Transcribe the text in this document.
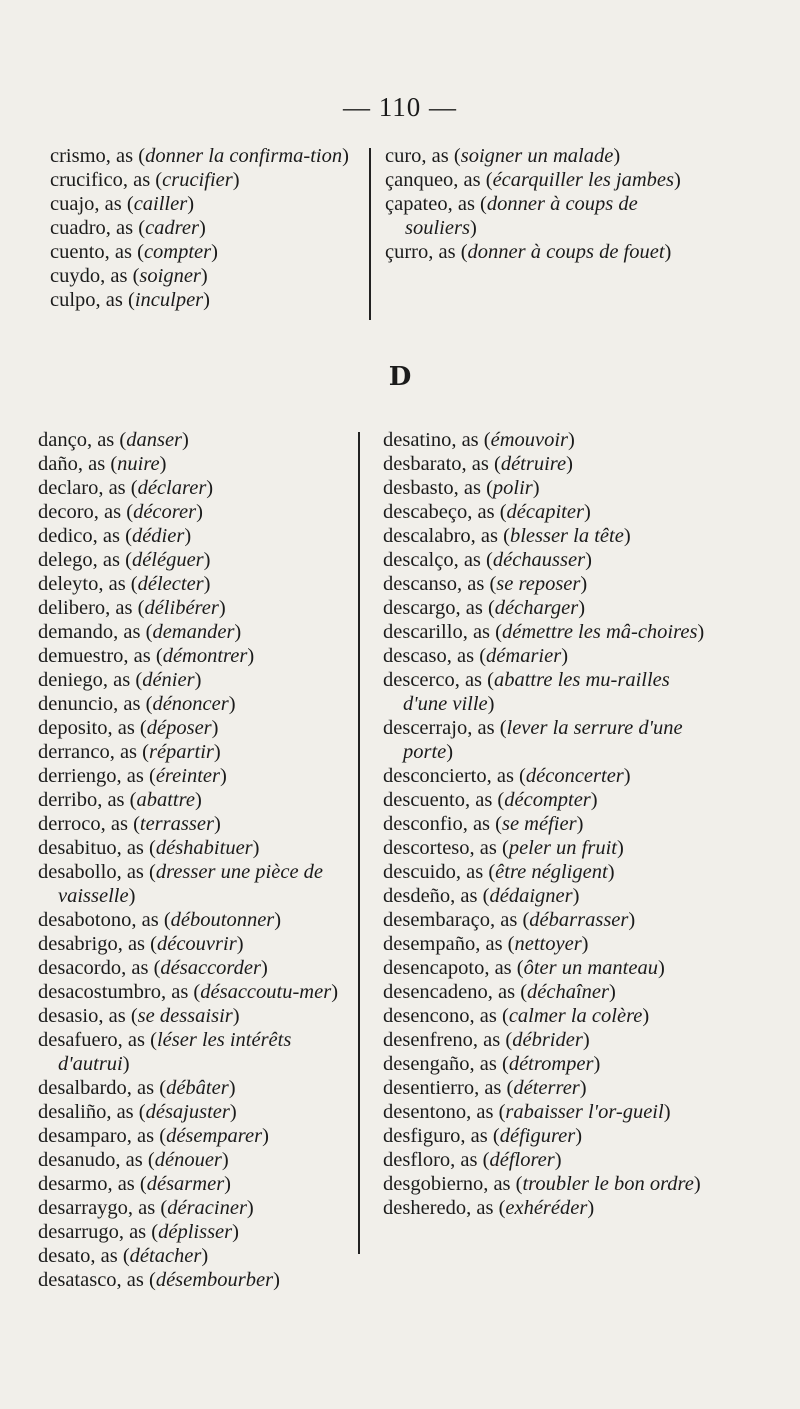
— 110 —
crismo, as (donner la confirma-tion)
crucifico, as (crucifier)
cuajo, as (cailler)
cuadro, as (cadrer)
cuento, as (compter)
cuydo, as (soigner)
culpo, as (inculper)
curo, as (soigner un malade)
çanqueo, as (écarquiller les jambes)
çapateo, as (donner à coups de souliers)
çurro, as (donner à coups de fouet)
D
danço, as (danser)
daño, as (nuire)
declaro, as (déclarer)
decoro, as (décorer)
dedico, as (dédier)
delego, as (déléguer)
deleyto, as (délecter)
delibero, as (délibérer)
demando, as (demander)
demuestro, as (démontrer)
deniego, as (dénier)
denuncio, as (dénoncer)
deposito, as (déposer)
derranco, as (répartir)
derriengo, as (éreinter)
derribo, as (abattre)
derroco, as (terrasser)
desabituo, as (déshabituer)
desabollo, as (dresser une pièce de vaisselle)
desabotono, as (déboutonner)
desabrigo, as (découvrir)
desacordo, as (désaccorder)
desacostumbro, as (désaccoutu-mer)
desasio, as (se dessaisir)
desafuero, as (léser les intérêts d'autrui)
desalbardo, as (débâter)
desaliño, as (désajuster)
desamparo, as (désemparer)
desanudo, as (dénouer)
desarmo, as (désarmer)
desarraygo, as (déraciner)
desarrugo, as (déplisser)
desato, as (détacher)
desatasco, as (désembourber)
desatino, as (émouvoir)
desbarato, as (détruire)
desbasto, as (polir)
descabeço, as (décapiter)
descalabro, as (blesser la tête)
descalço, as (déchausser)
descanso, as (se reposer)
descargo, as (décharger)
descarillo, as (démettre les mâ-choires)
descaso, as (démarier)
descerco, as (abattre les mu-railles d'une ville)
descerrajo, as (lever la serrure d'une porte)
desconcierto, as (déconcerter)
descuento, as (décompter)
desconfio, as (se méfier)
descorteso, as (peler un fruit)
descuido, as (être négligent)
desdeño, as (dédaigner)
desembaraço, as (débarrasser)
desempaño, as (nettoyer)
desencapoto, as (ôter un manteau)
desencadeno, as (déchaîner)
desencono, as (calmer la colère)
desenfreno, as (débrider)
desengaño, as (détromper)
desentierro, as (déterrer)
desentono, as (rabaisser l'or-gueil)
desfiguro, as (défigurer)
desfloro, as (déflorer)
desgobierno, as (troubler le bon ordre)
desheredo, as (exhéréder)
